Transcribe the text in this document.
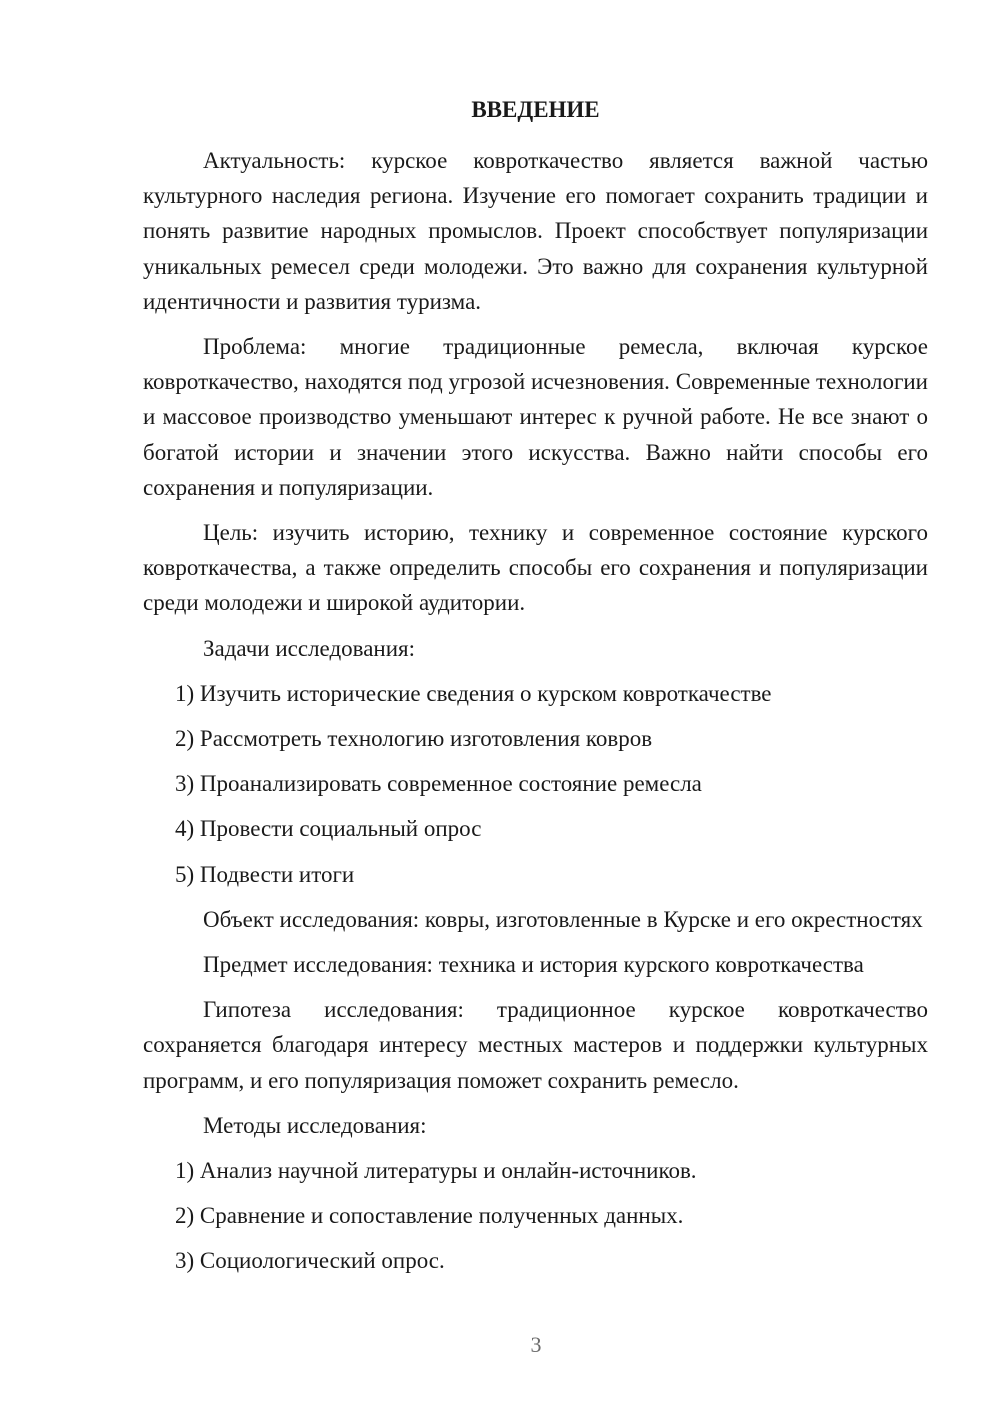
ВВЕДЕНИЕ

Актуальность: курское ковроткачество является важной частью культурного наследия региона. Изучение его помогает сохранить традиции и понять развитие народных промыслов. Проект способствует популяризации уникальных ремесел среди молодежи. Это важно для сохранения культурной идентичности и развития туризма.

Проблема: многие традиционные ремесла, включая курское ковроткачество, находятся под угрозой исчезновения. Современные технологии и массовое производство уменьшают интерес к ручной работе. Не все знают о богатой истории и значении этого искусства. Важно найти способы его сохранения и популяризации.

Цель: изучить историю, технику и современное состояние курского ковроткачества, а также определить способы его сохранения и популяризации среди молодежи и широкой аудитории.

Задачи исследования:

1) Изучить исторические сведения о курском ковроткачестве

2) Рассмотреть технологию изготовления ковров

3) Проанализировать современное состояние ремесла

4) Провести социальный опрос

5) Подвести итоги

Объект исследования: ковры, изготовленные в Курске и его окрестностях

Предмет исследования: техника и история курского ковроткачества

Гипотеза исследования: традиционное курское ковроткачество сохраняется благодаря интересу местных мастеров и поддержки культурных программ, и его популяризация поможет сохранить ремесло.

Методы исследования:

1) Анализ научной литературы и онлайн-источников.

2) Сравнение и сопоставление полученных данных.

3) Социологический опрос.

3
